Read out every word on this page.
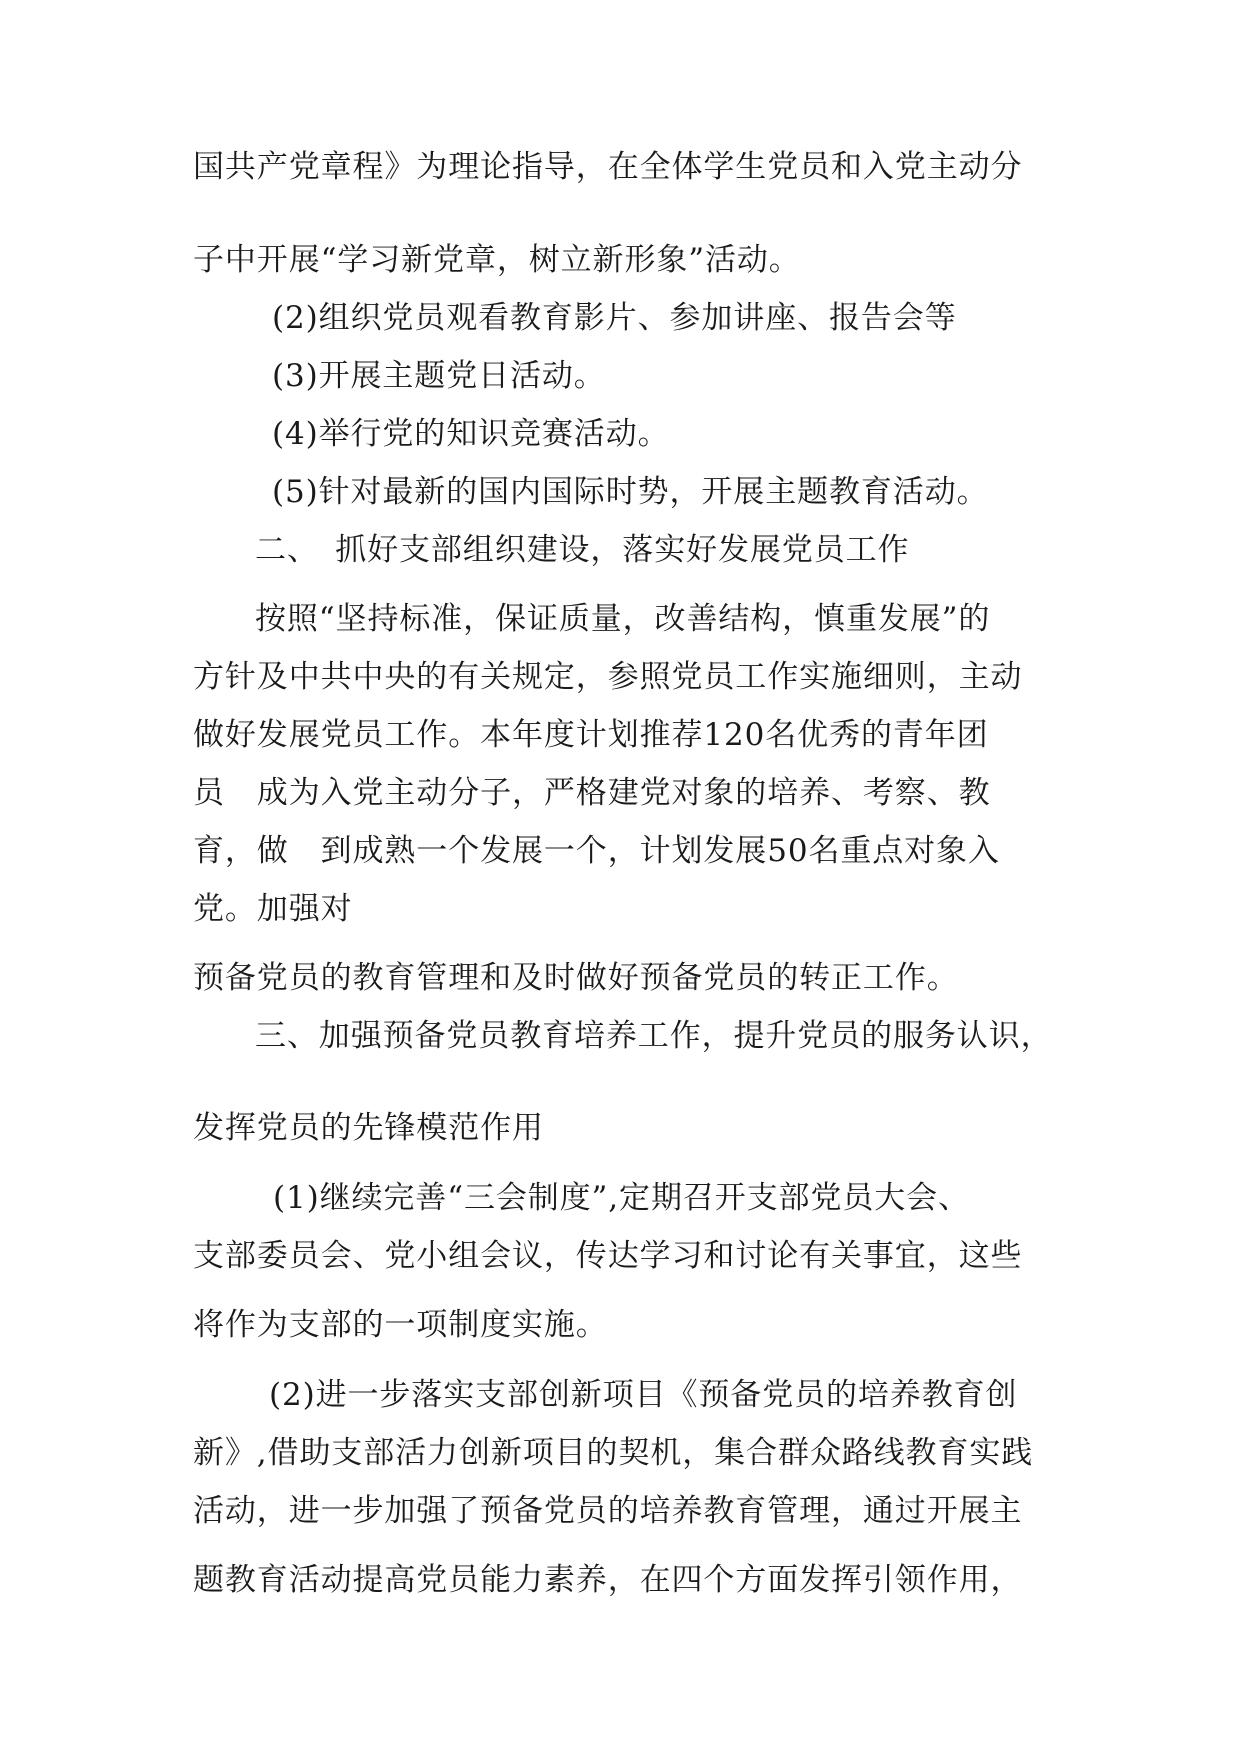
国共产党章程》为理论指导，在全体学生党员和入党主动分
子中开展“学习新党章，树立新形象”活动。
(2)组织党员观看教育影片、参加讲座、报告会等
(3)开展主题党日活动。
(4)举行党的知识竞赛活动。
(5)针对最新的国内国际时势，开展主题教育活动。
二、　抓好支部组织建设，落实好发展党员工作
按照“坚持标准，保证质量，改善结构，慎重发展”的
方针及中共中央的有关规定，参照党员工作实施细则，主动
做好发展党员工作。本年度计划推荐120名优秀的青年团
员　成为入党主动分子，严格建党对象的培养、考察、教
育，做　到成熟一个发展一个，计划发展50名重点对象入
党。加强对
预备党员的教育管理和及时做好预备党员的转正工作。
三、加强预备党员教育培养工作，提升党员的服务认识，
发挥党员的先锋模范作用
(1)继续完善“三会制度”,定期召开支部党员大会、
支部委员会、党小组会议，传达学习和讨论有关事宜，这些
将作为支部的一项制度实施。
(2)进一步落实支部创新项目《预备党员的培养教育创
新》,借助支部活力创新项目的契机，集合群众路线教育实践
活动，进一步加强了预备党员的培养教育管理，通过开展主
题教育活动提高党员能力素养，在四个方面发挥引领作用，
